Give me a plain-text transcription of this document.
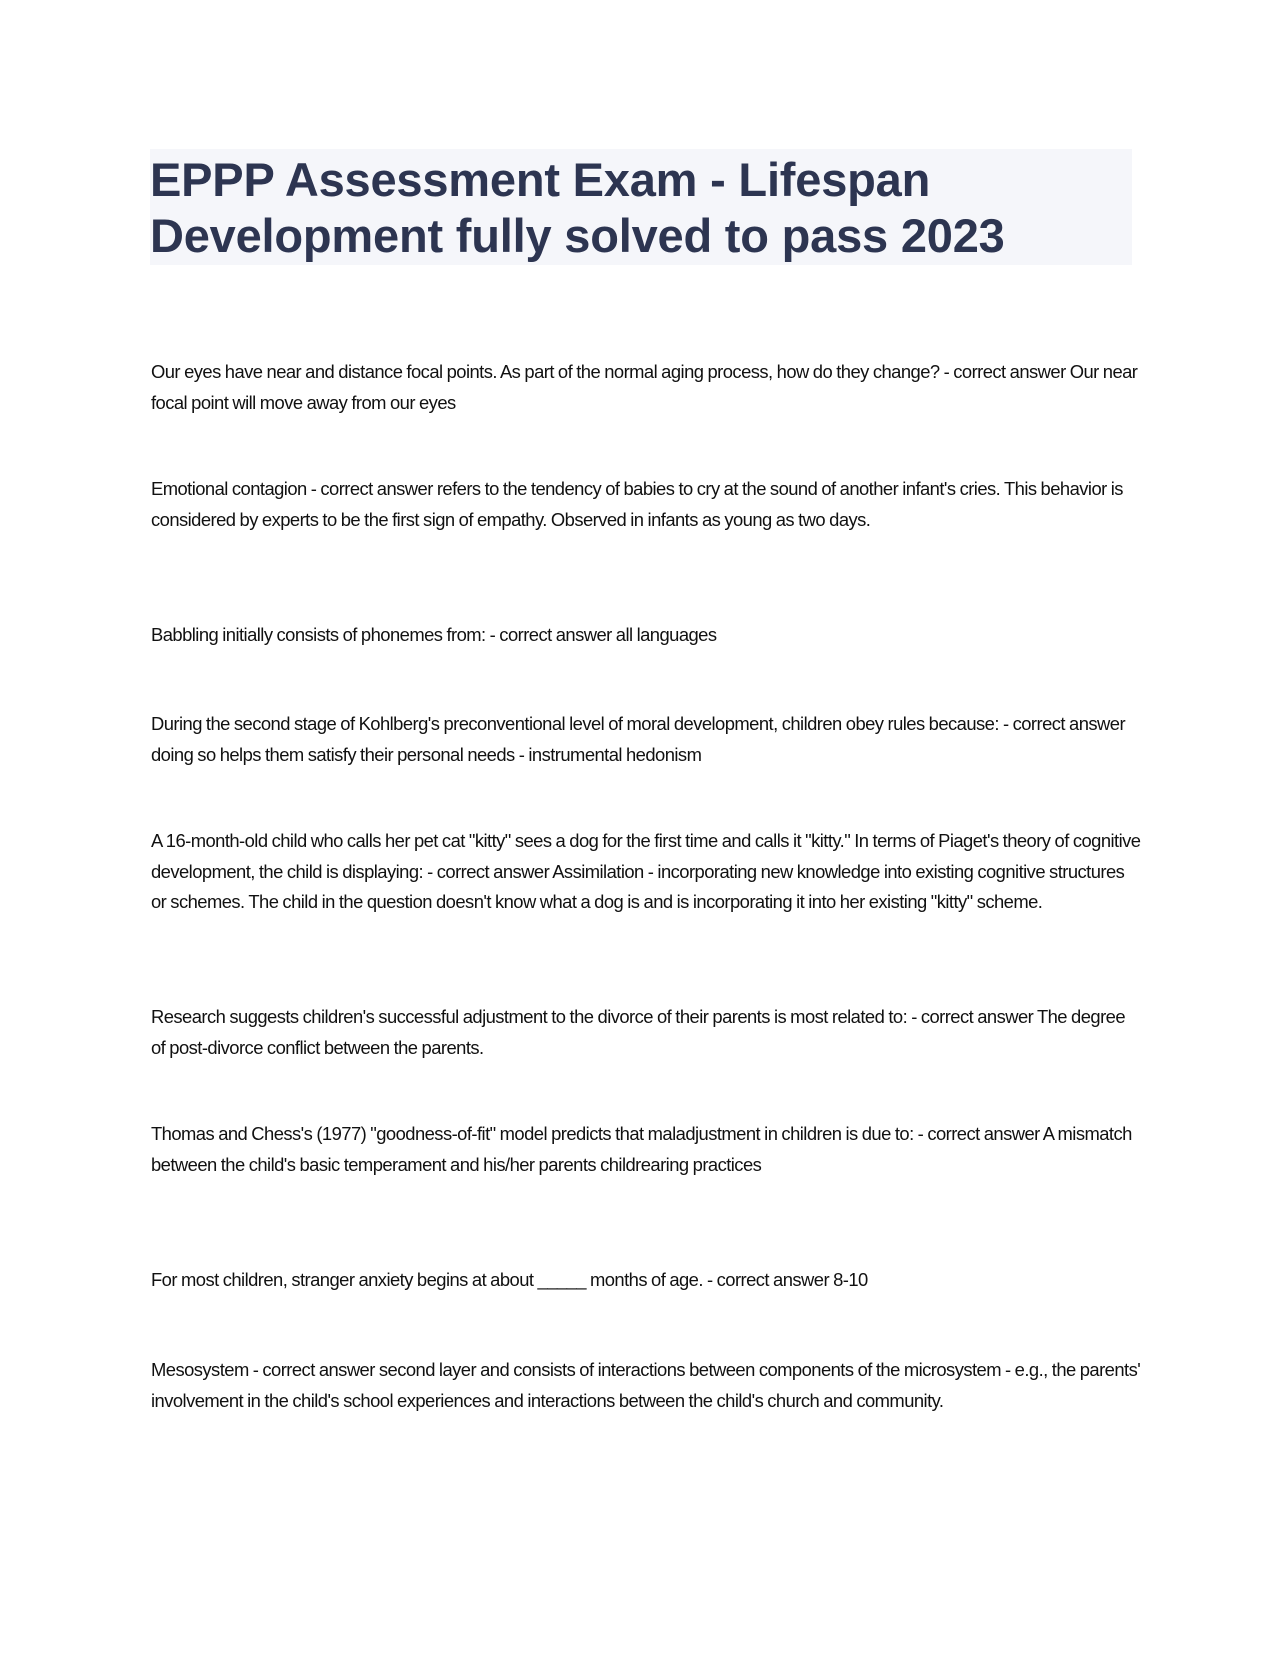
EPPP Assessment Exam - Lifespan Development fully solved to pass 2023

Our eyes have near and distance focal points. As part of the normal aging process, how do they change? - correct answer Our near focal point will move away from our eyes

Emotional contagion - correct answer refers to the tendency of babies to cry at the sound of another infant's cries. This behavior is considered by experts to be the first sign of empathy. Observed in infants as young as two days.

Babbling initially consists of phonemes from: - correct answer all languages

During the second stage of Kohlberg's preconventional level of moral development, children obey rules because: - correct answer doing so helps them satisfy their personal needs - instrumental hedonism

A 16-month-old child who calls her pet cat "kitty" sees a dog for the first time and calls it "kitty." In terms of Piaget's theory of cognitive development, the child is displaying: - correct answer Assimilation - incorporating new knowledge into existing cognitive structures or schemes. The child in the question doesn't know what a dog is and is incorporating it into her existing "kitty" scheme.

Research suggests children's successful adjustment to the divorce of their parents is most related to: - correct answer The degree of post-divorce conflict between the parents.

Thomas and Chess's (1977) "goodness-of-fit" model predicts that maladjustment in children is due to: - correct answer A mismatch between the child's basic temperament and his/her parents childrearing practices

For most children, stranger anxiety begins at about _____ months of age. - correct answer 8-10

Mesosystem - correct answer second layer and consists of interactions between components of the microsystem - e.g., the parents' involvement in the child's school experiences and interactions between the child's church and community.
